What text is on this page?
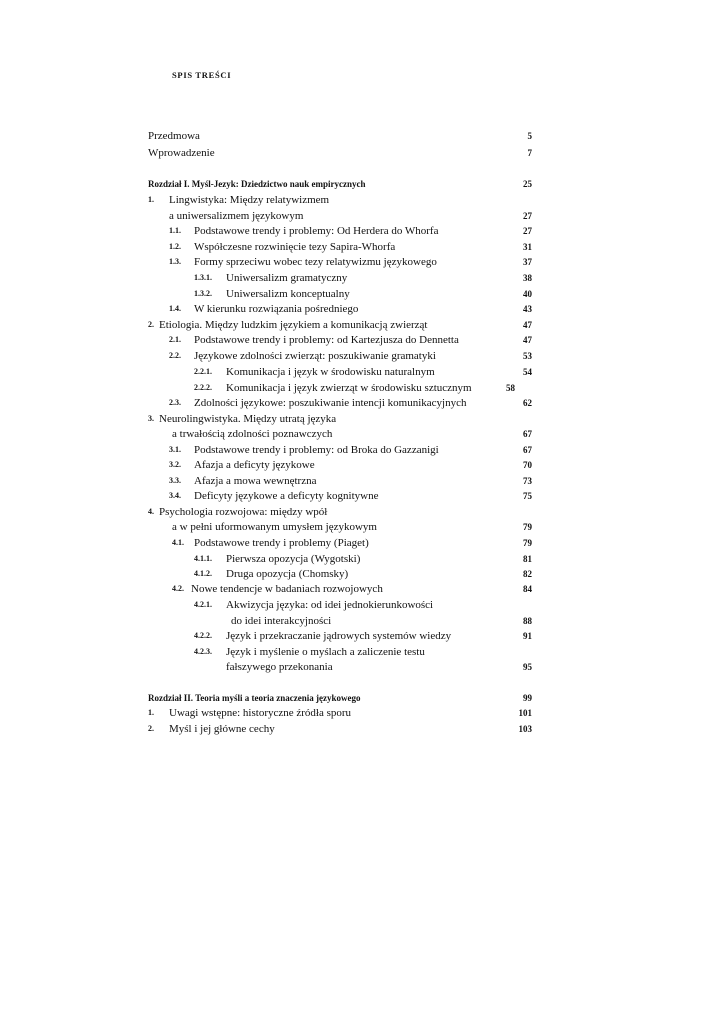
SPIS TREŚCI
Przedmowa	5
Wprowadzenie	7
Rozdział I. Myśl-Jezyk: Dziedzictwo nauk empirycznych	25
1. Lingwistyka: Między relatywizmem
a uniwersalizmem językowym	27
1.1. Podstawowe trendy i problemy: Od Herdera do Whorfa	27
1.2. Współczesne rozwinięcie tezy Sapira-Whorfa	31
1.3. Formy sprzeciwu wobec tezy relatywizmu językowego	37
1.3.1. Uniwersalizm gramatyczny	38
1.3.2. Uniwersalizm konceptualny	40
1.4. W kierunku rozwiązania pośredniego	43
2. Etiologia. Między ludzkim językiem a komunikacją zwierząt	47
2.1. Podstawowe trendy i problemy: od Kartezjusza do Dennetta	47
2.2. Językowe zdolności zwierząt: poszukiwanie gramatyki	53
2.2.1. Komunikacja i język w środowisku naturalnym	54
2.2.2. Komunikacja i język zwierząt w środowisku sztucznym	58
2.3. Zdolności językowe: poszukiwanie intencji komunikacyjnych	62
3. Neurolingwistyka. Między utratą języka
a trwałością zdolności poznawczych	67
3.1. Podstawowe trendy i problemy: od Broka do Gazzanigi	67
3.2. Afazja a deficyty językowe	70
3.3. Afazja a mowa wewnętrzna	73
3.4. Deficyty językowe a deficyty kognitywne	75
4. Psychologia rozwojowa: między wpół
a w pełni uformowanym umysłem językowym	79
4.1. Podstawowe trendy i problemy (Piaget)	79
4.1.1. Pierwsza opozycja (Wygotski)	81
4.1.2. Druga opozycja (Chomsky)	82
4.2. Nowe tendencje w badaniach rozwojowych	84
4.2.1. Akwizycja języka: od idei jednokierunkowości
do idei interakcyjności	88
4.2.2. Język i przekraczanie jądrowych systemów wiedzy	91
4.2.3. Język i myślenie o myślach a zaliczenie testu
fałszywego przekonania	95
Rozdział II. Teoria myśli a teoria znaczenia językowego	99
1. Uwagi wstępne: historyczne źródła sporu	101
2. Myśl i jej główne cechy	103
